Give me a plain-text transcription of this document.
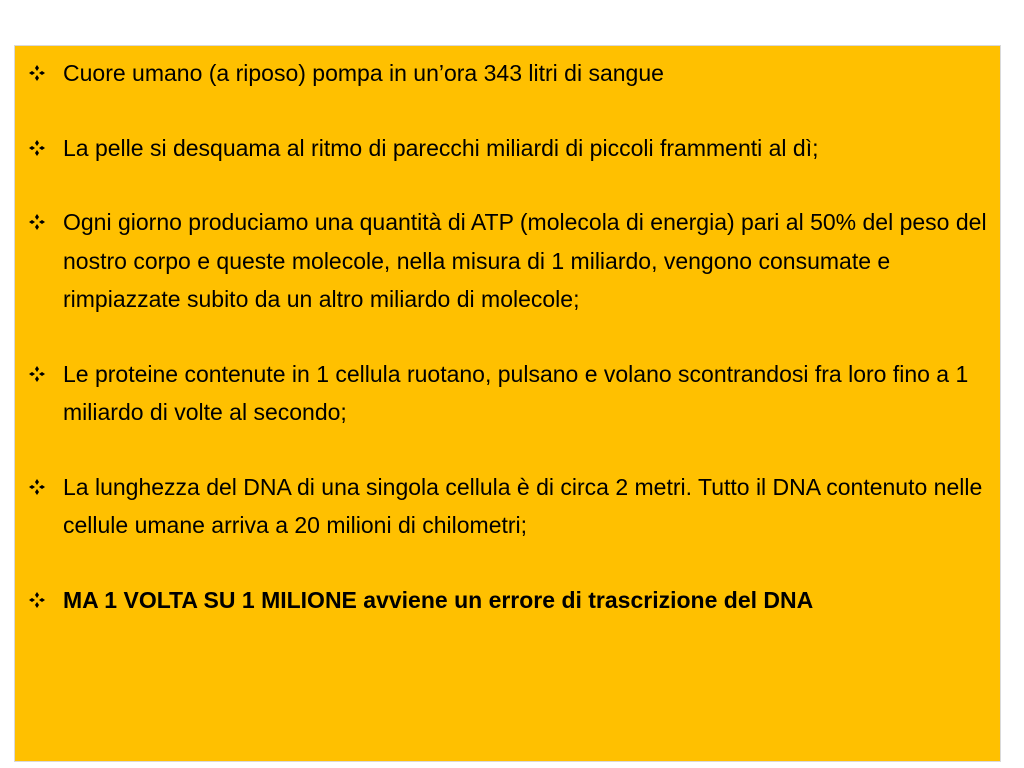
Cuore umano (a riposo) pompa in un’ora 343 litri di sangue
La pelle si desquama al ritmo di parecchi miliardi di piccoli frammenti al dì;
Ogni giorno produciamo una quantità di ATP (molecola di energia) pari al 50% del peso del nostro corpo e queste molecole, nella misura di 1 miliardo, vengono consumate e rimpiazzate subito da un altro miliardo di molecole;
Le proteine contenute in 1 cellula ruotano, pulsano e volano scontrandosi fra loro fino a 1 miliardo di volte al secondo;
La lunghezza del DNA di una singola cellula è di circa 2 metri. Tutto il DNA contenuto nelle cellule umane arriva a 20 milioni di chilometri;
MA 1 VOLTA SU 1 MILIONE avviene un errore di trascrizione del DNA
